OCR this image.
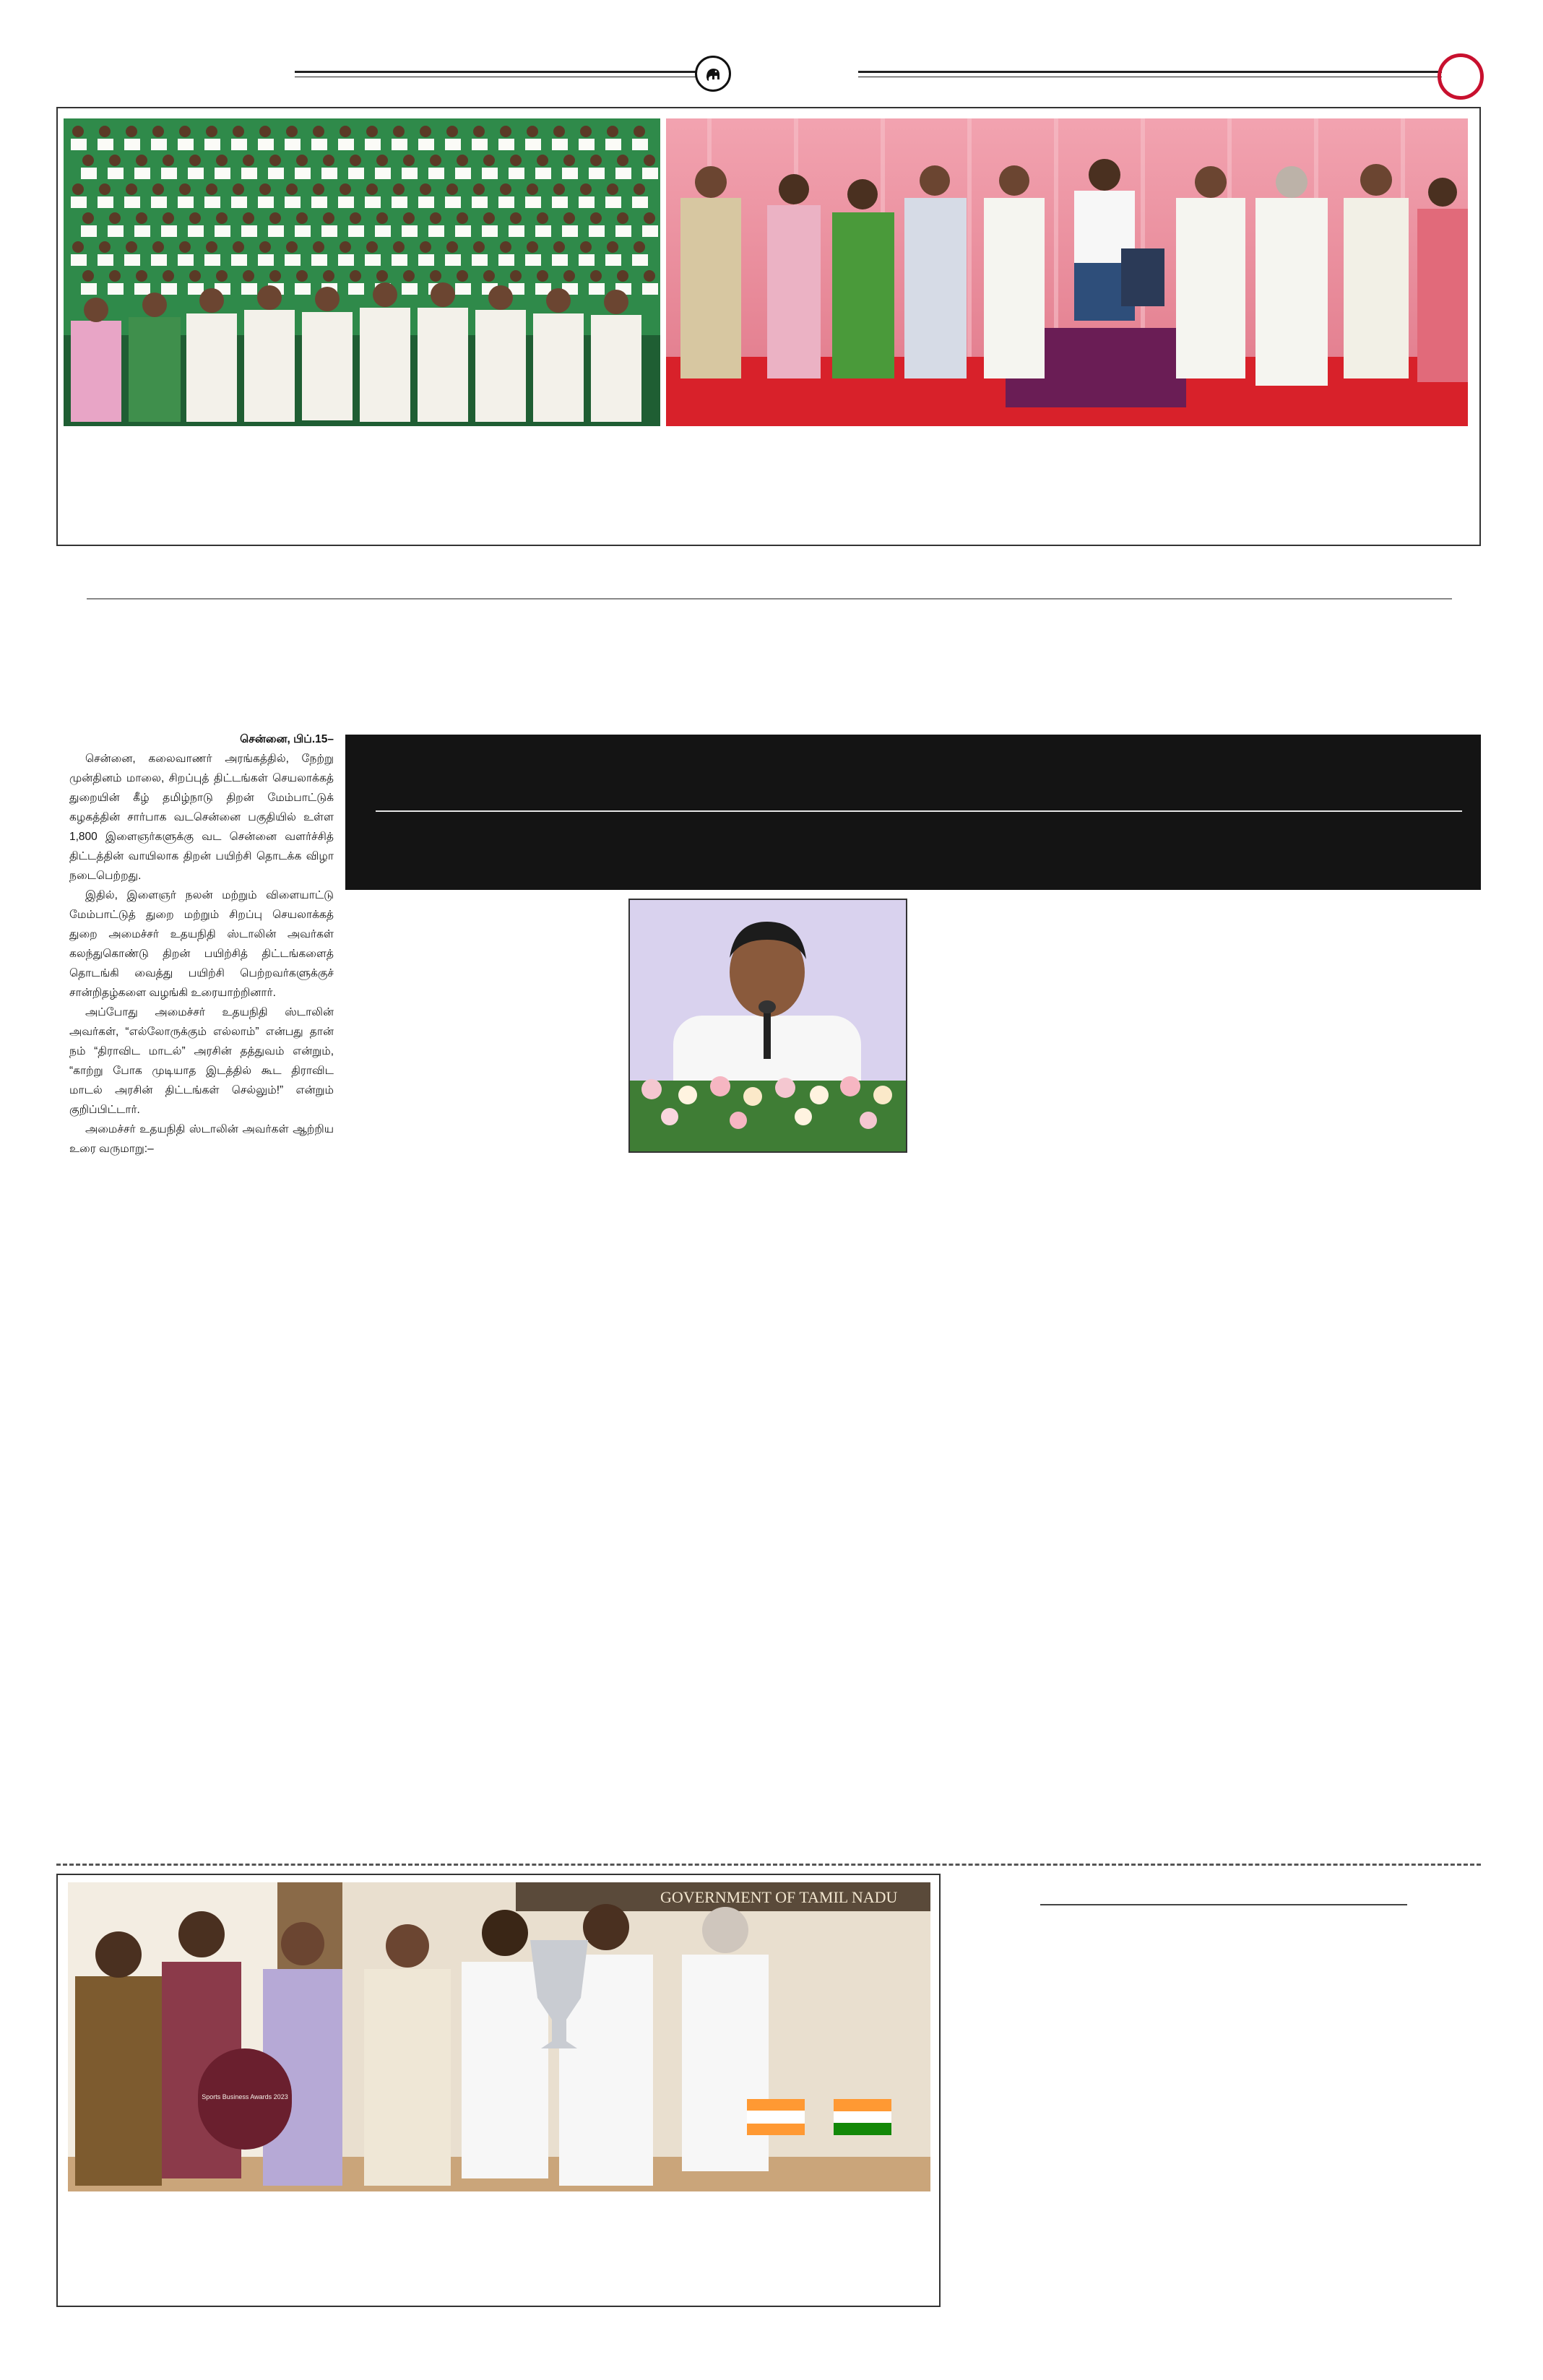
சென்னை, பிப்.15–

சென்னை, கலைவாணர் அரங்கத்தில், நேற்று முன்தினம் மாலை, சிறப்புத் திட்டங்கள் செயலாக்கத் துறையின் கீழ் தமிழ்நாடு திறன் மேம்பாட்டுக் கழகத்தின் சார்பாக வடசென்னை பகுதியில் உள்ள 1,800 இளைஞர்களுக்கு வட சென்னை வளர்ச்சித் திட்டத்தின் வாயிலாக திறன் பயிற்சி தொடக்க விழா நடைபெற்றது.

இதில், இளைஞர் நலன் மற்றும் விளையாட்டு மேம்பாட்டுத் துறை மற்றும் சிறப்பு செயலாக்கத் துறை அமைச்சர் உதயநிதி ஸ்டாலின் அவர்கள் கலந்துகொண்டு திறன் பயிற்சித் திட்டங்களைத் தொடங்கி வைத்து பயிற்சி பெற்றவர்களுக்குச் சான்றிதழ்களை வழங்கி உரையாற்றினார்.

அப்போது அமைச்சர் உதயநிதி ஸ்டாலின் அவர்கள், “எல்லோருக்கும் எல்லாம்” என்பது தான் நம் “திராவிட மாடல்” அரசின் தத்துவம் என்றும், “காற்று போக முடியாத இடத்தில் கூட திராவிட மாடல் அரசின் திட்டங்கள் செல்லும்!” என்றும் குறிப்பிட்டார்.

அமைச்சர் உதயநிதி ஸ்டாலின் அவர்கள் ஆற்றிய உரை வருமாறு:–

GOVERNMENT OF TAMIL NADU
Sports Business Awards 2023
